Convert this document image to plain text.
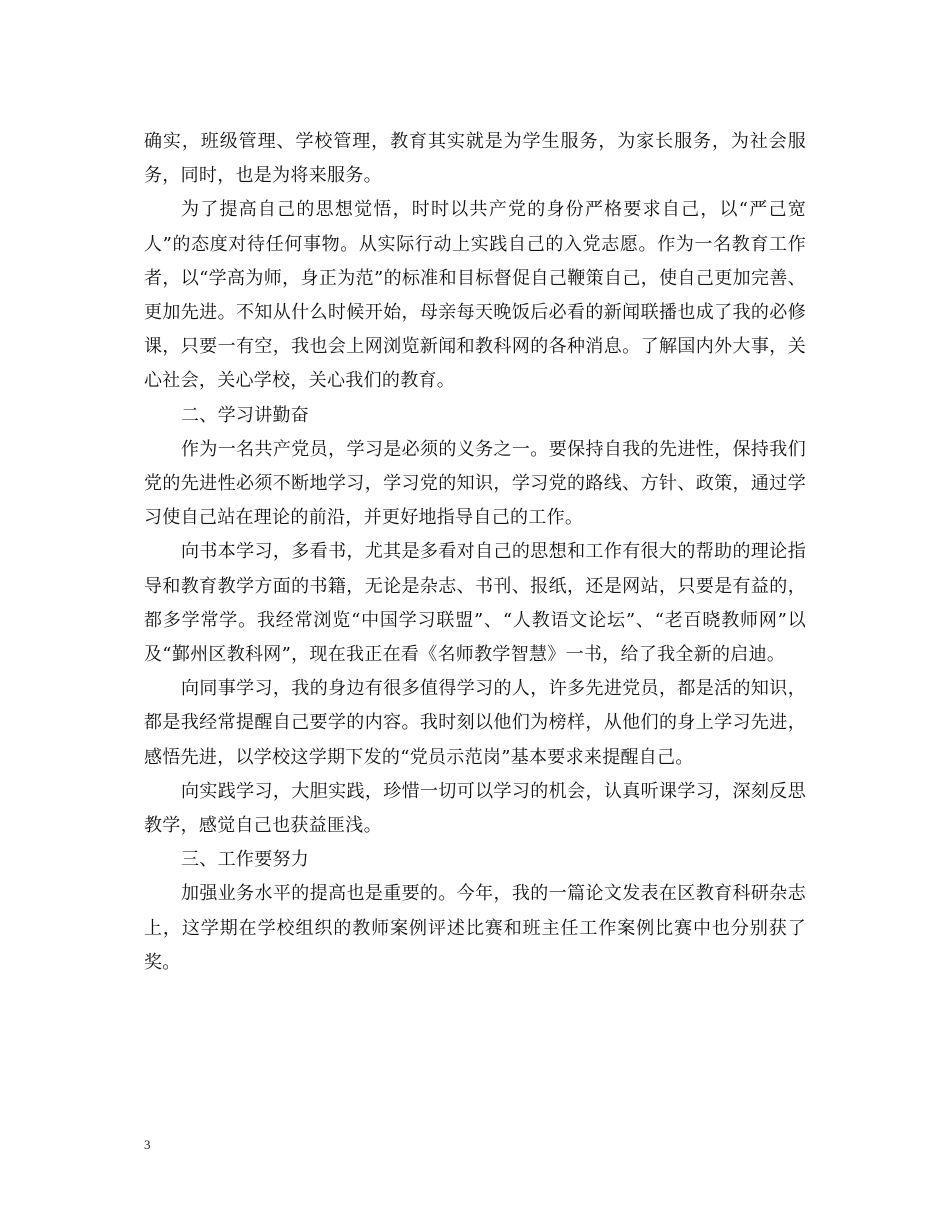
确实，班级管理、学校管理，教育其实就是为学生服务，为家长服务，为社会服务，同时，也是为将来服务。

为了提高自己的思想觉悟，时时以共产党的身份严格要求自己，以“严己宽人”的态度对待任何事物。从实际行动上实践自己的入党志愿。作为一名教育工作者，以“学高为师，身正为范”的标准和目标督促自己鞭策自己，使自己更加完善、更加先进。不知从什么时候开始，母亲每天晚饭后必看的新闻联播也成了我的必修课，只要一有空，我也会上网浏览新闻和教科网的各种消息。了解国内外大事，关心社会，关心学校，关心我们的教育。

二、学习讲勤奋

作为一名共产党员，学习是必须的义务之一。要保持自我的先进性，保持我们党的先进性必须不断地学习，学习党的知识，学习党的路线、方针、政策，通过学习使自己站在理论的前沿，并更好地指导自己的工作。

向书本学习，多看书，尤其是多看对自己的思想和工作有很大的帮助的理论指导和教育教学方面的书籍，无论是杂志、书刊、报纸，还是网站，只要是有益的，都多学常学。我经常浏览“中国学习联盟”、“人教语文论坛”、“老百晓教师网”以及“鄞州区教科网”，现在我正在看《名师教学智慧》一书，给了我全新的启迪。

向同事学习，我的身边有很多值得学习的人，许多先进党员，都是活的知识，都是我经常提醒自己要学的内容。我时刻以他们为榜样，从他们的身上学习先进，感悟先进，以学校这学期下发的“党员示范岗”基本要求来提醒自己。

向实践学习，大胆实践，珍惜一切可以学习的机会，认真听课学习，深刻反思教学，感觉自己也获益匪浅。

三、工作要努力

加强业务水平的提高也是重要的。今年，我的一篇论文发表在区教育科研杂志上，这学期在学校组织的教师案例评述比赛和班主任工作案例比赛中也分别获了奖。

3
